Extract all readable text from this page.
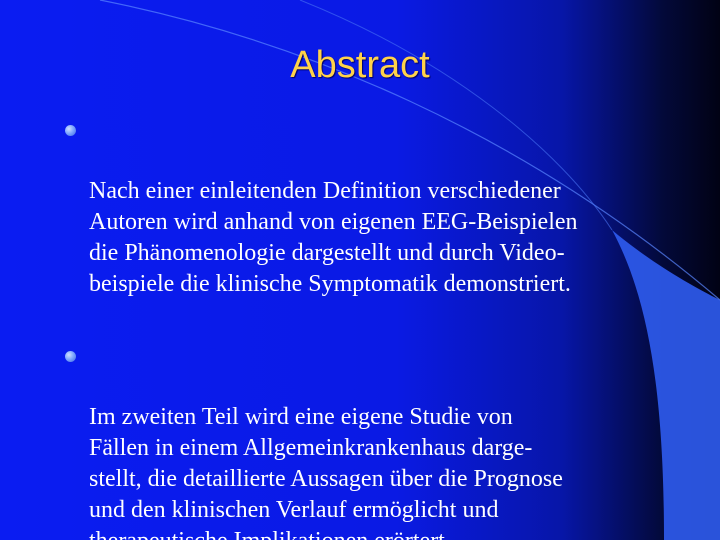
Abstract

Nach einer einleitenden Definition verschiedener
Autoren wird anhand von eigenen EEG-Beispielen
die Phänomenologie dargestellt und durch Video-
beispiele die klinische Symptomatik demonstriert.

Im zweiten Teil wird eine eigene Studie von
Fällen in einem Allgemeinkrankenhaus darge-
stellt, die detaillierte Aussagen über die Prognose
und den klinischen Verlauf ermöglicht und
therapeutische Implikationen erörtert.
